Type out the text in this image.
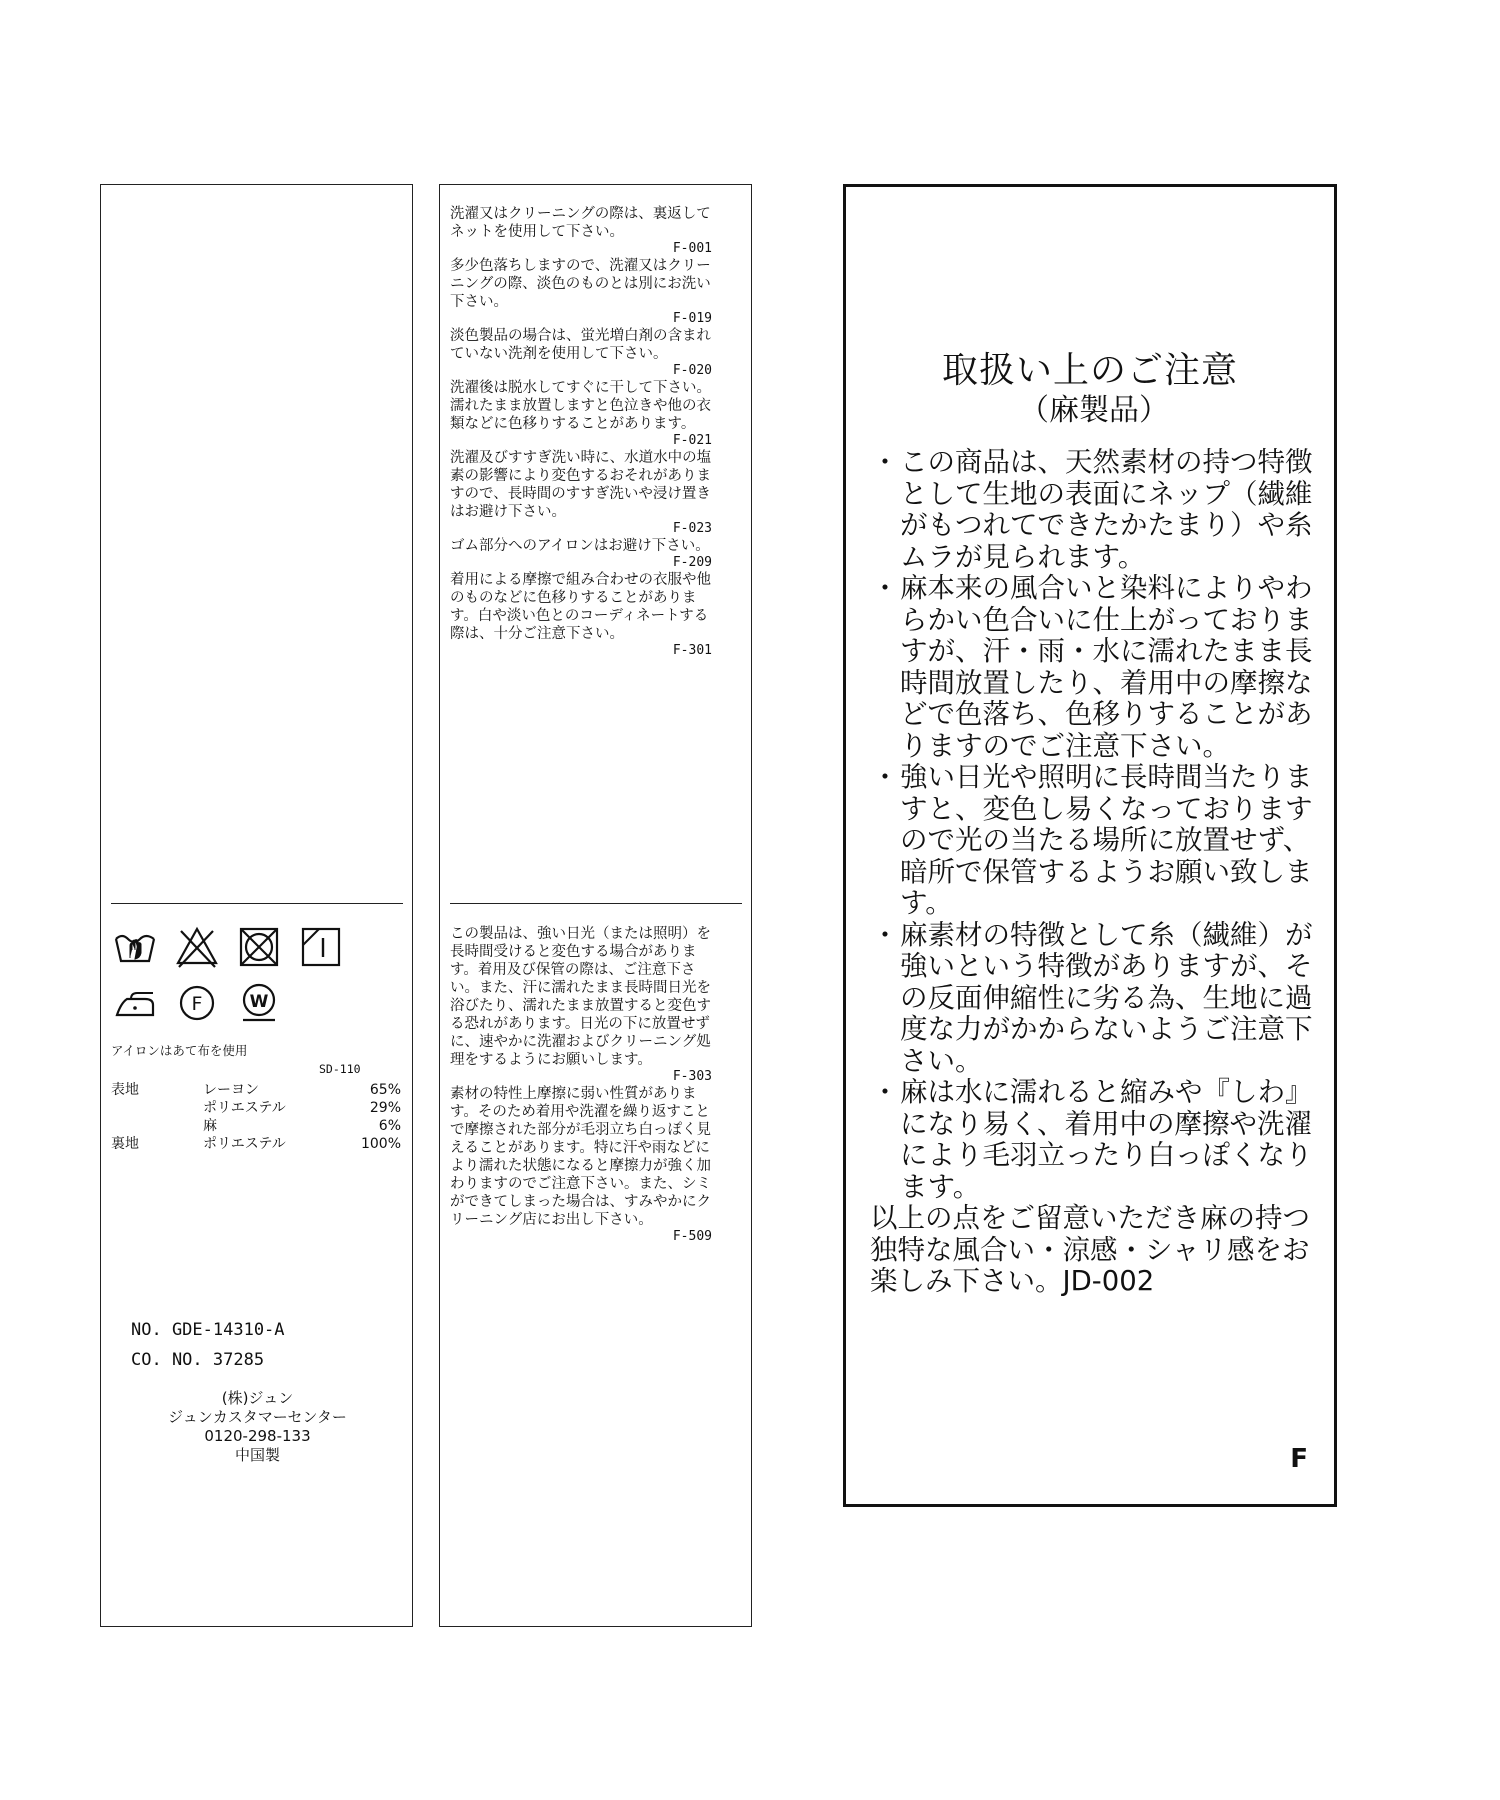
F	W
アイロンはあて布を使用
SD-110
表地	レーヨン	65%
ポリエステル	29%
麻	6%
裏地	ポリエステル	100%
NO. GDE-14310-A
CO. NO. 37285
(株)ジュン
ジュンカスタマーセンター
0120-298-133
中国製
洗濯又はクリーニングの際は、裏返してネットを使用して下さい。
F-001
多少色落ちしますので、洗濯又はクリーニングの際、淡色のものとは別にお洗い下さい。
F-019
淡色製品の場合は、蛍光増白剤の含まれていない洗剤を使用して下さい。
F-020
洗濯後は脱水してすぐに干して下さい。濡れたまま放置しますと色泣きや他の衣類などに色移りすることがあります。
F-021
洗濯及びすすぎ洗い時に、水道水中の塩素の影響により変色するおそれがありますので、長時間のすすぎ洗いや浸け置きはお避け下さい。
F-023
ゴム部分へのアイロンはお避け下さい。
F-209
着用による摩擦で組み合わせの衣服や他のものなどに色移りすることがあります。白や淡い色とのコーディネートする際は、十分ご注意下さい。
F-301
この製品は、強い日光（または照明）を長時間受けると変色する場合があります。着用及び保管の際は、ご注意下さい。また、汗に濡れたまま長時間日光を浴びたり、濡れたまま放置すると変色する恐れがあります。日光の下に放置せずに、速やかに洗濯およびクリーニング処理をするようにお願いします。
F-303
素材の特性上摩擦に弱い性質があります。そのため着用や洗濯を繰り返すことで摩擦された部分が毛羽立ち白っぽく見えることがあります。特に汗や雨などにより濡れた状態になると摩擦力が強く加わりますのでご注意下さい。また、シミができてしまった場合は、すみやかにクリーニング店にお出し下さい。
F-509
取扱い上のご注意
（麻製品）
・ この商品は、天然素材の持つ特徴として生地の表面にネップ（繊維がもつれてできたかたまり）や糸ムラが見られます。
・ 麻本来の風合いと染料によりやわらかい色合いに仕上がっておりますが、汗・雨・水に濡れたまま長時間放置したり、着用中の摩擦などで色落ち、色移りすることがありますのでご注意下さい。
・ 強い日光や照明に長時間当たりますと、変色し易くなっておりますので光の当たる場所に放置せず、暗所で保管するようお願い致します。
・ 麻素材の特徴として糸（繊維）が強いという特徴がありますが、その反面伸縮性に劣る為、生地に過度な力がかからないようご注意下さい。
・ 麻は水に濡れると縮みや『しわ』になり易く、着用中の摩擦や洗濯により毛羽立ったり白っぽくなります。
以上の点をご留意いただき麻の持つ独特な風合い・涼感・シャリ感をお楽しみ下さい。JD-002
F
